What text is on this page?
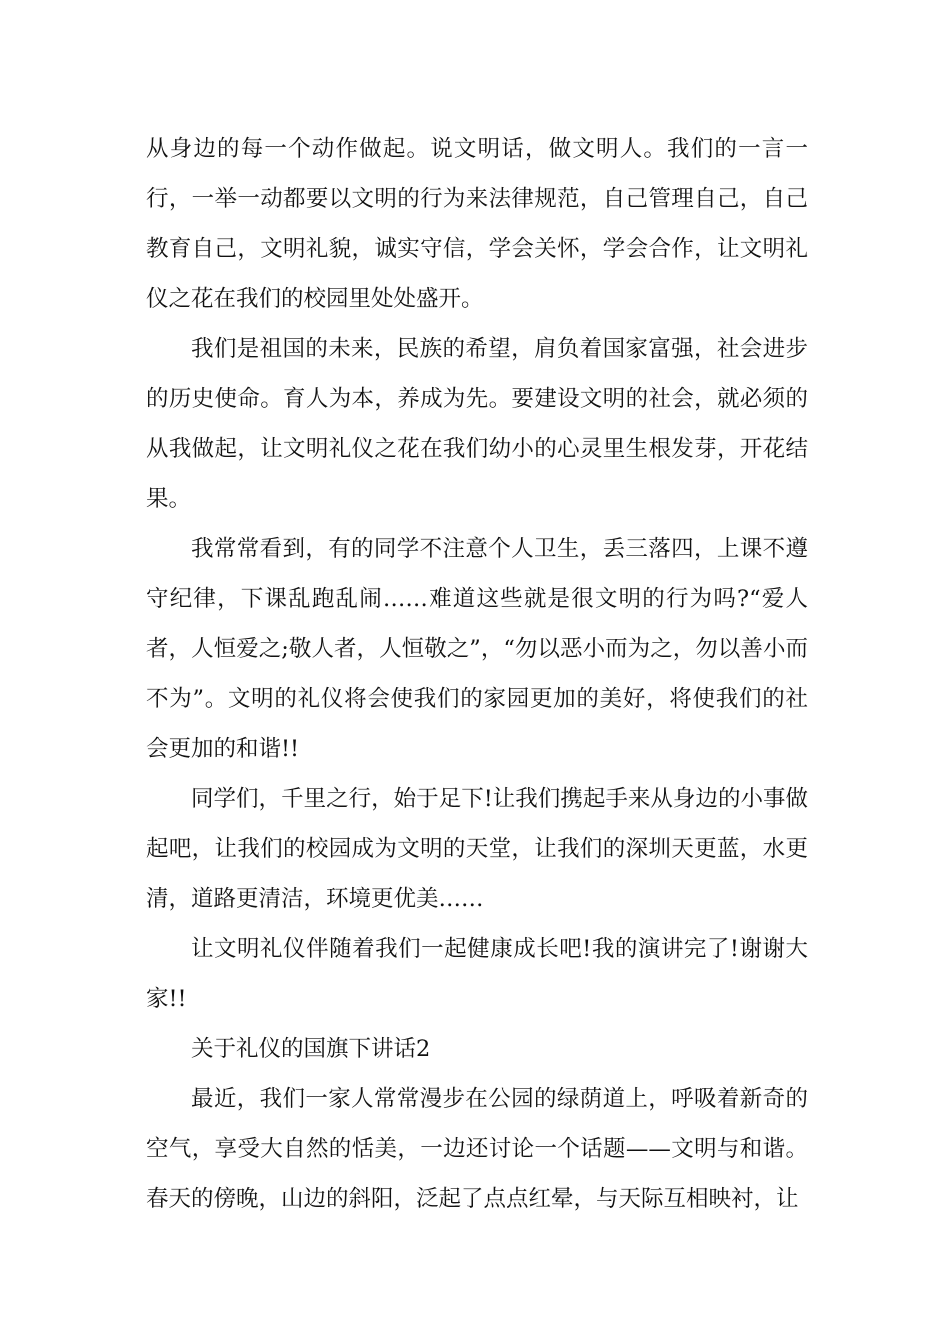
从身边的每一个动作做起。说文明话，做文明人。我们的一言一行，一举一动都要以文明的行为来法律规范，自己管理自己，自己教育自己，文明礼貌，诚实守信，学会关怀，学会合作，让文明礼仪之花在我们的校园里处处盛开。

我们是祖国的未来，民族的希望，肩负着国家富强，社会进步的历史使命。育人为本，养成为先。要建设文明的社会，就必须的从我做起，让文明礼仪之花在我们幼小的心灵里生根发芽，开花结果。

我常常看到，有的同学不注意个人卫生，丢三落四，上课不遵守纪律，下课乱跑乱闹……难道这些就是很文明的行为吗?“爱人者，人恒爱之;敬人者，人恒敬之”，“勿以恶小而为之，勿以善小而不为”。文明的礼仪将会使我们的家园更加的美好，将使我们的社会更加的和谐!!

同学们，千里之行，始于足下!让我们携起手来从身边的小事做起吧，让我们的校园成为文明的天堂，让我们的深圳天更蓝，水更清，道路更清洁，环境更优美……

让文明礼仪伴随着我们一起健康成长吧!我的演讲完了!谢谢大家!!

关于礼仪的国旗下讲话2

最近，我们一家人常常漫步在公园的绿荫道上，呼吸着新奇的空气，享受大自然的恬美，一边还讨论一个话题——文明与和谐。春天的傍晚，山边的斜阳，泛起了点点红晕，与天际互相映衬，让
